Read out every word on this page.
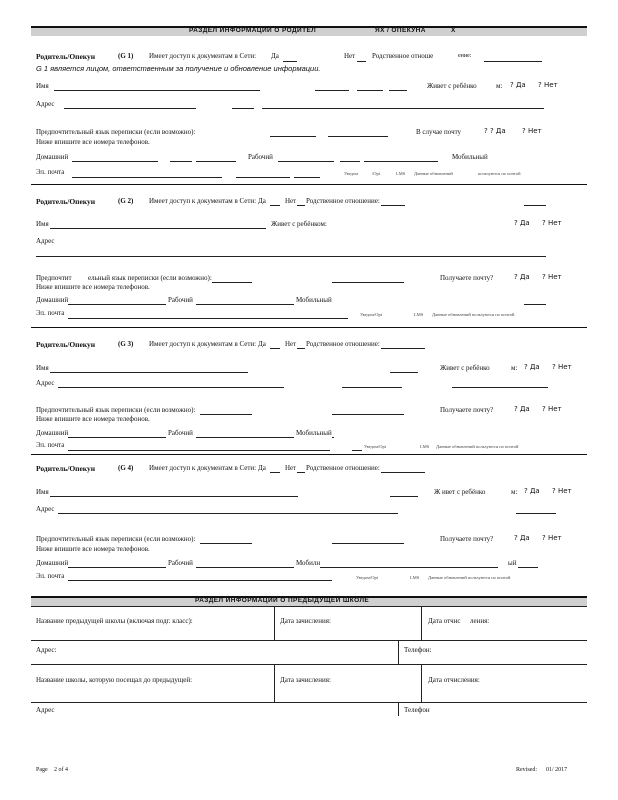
РАЗДЕЛ ИНФОРМАЦИИ О РОДИТЕЛ	ЯХ / ОПЕКУНА	Х
Родитель/Опекун	(G 1) Имеет доступ к документам в Сети: Да	Нет Родственное отноше	ение:
G 1 является лицом, ответственным за получение и обновление информации.
Имя	Живет с ребёнко	м: ? Да ? Нет
Адрес
Предпочтительный язык переписки (если возможно):	В случае почту	? ? Да ? Нет
Ниже впишите все номера телефонов.
Домашний	Рабочий	Мобильный
Эл. почта	Уведом	/Opt	LMS Данные обновлений	пользуются по почтой
Родитель/Опекун	(G 2) Имеет доступ к документам в Сети: Да	Нет Родственное отношение:
Имя	Живет с ребёнком:	? Да ? Нет
Адрес
Предпочтит ельный язык переписки (если возможно):	Получаете почту?	? Да ? Нет
Ниже впишите все номера телефонов.
Домашний	Рабочий	Мобильный
Эл. почта	Уведом/Opt	LMS Данные обновлений пользуются по почтой
Родитель/Опекун	(G 3) Имеет доступ к документам в Сети: Да	Нет Родственное отношение:
Имя	Живет с ребёнко	м: ? Да ? Нет
Адрес
Предпочтительный язык переписки (если возможно):	Получаете почту?	? Да ? Нет
Ниже впишите все номера телефонов.
Домашний	Рабочий	Мобильный
Эл. почта	Уведом/Opt	LMS Данные обновлений пользуются по почтой
Родитель/Опекун	(G 4) Имеет доступ к документам в Сети: Да	Нет Родственное отношение:
Имя	Ж ивет с ребёнко	м: ? Да ? Нет
Адрес
Предпочтительный язык переписки (если возможно):	Получаете почту?	? Да ? Нет
Ниже впишите все номера телефонов.
Домашний	Рабочий	Мобилн	ый
Эл. почта	Уведом/Opt	LMS Данные обновлений пользуются по почтой
РАЗДЕЛ ИНФОРМАЦИИ О ПРЕДЫДУЩЕЙ ШКОЛЕ
Название предыдущей школы (включая подг. класс):	Дата зачисления:	Дата отчис ления:
Адрес:	Телефон:
Название школы, которую посещал до предыдущей:	Дата зачисления:	Дата отчисления:
Адрес	Телефон
Page 2 of 4	Revised: 01/ 2017
